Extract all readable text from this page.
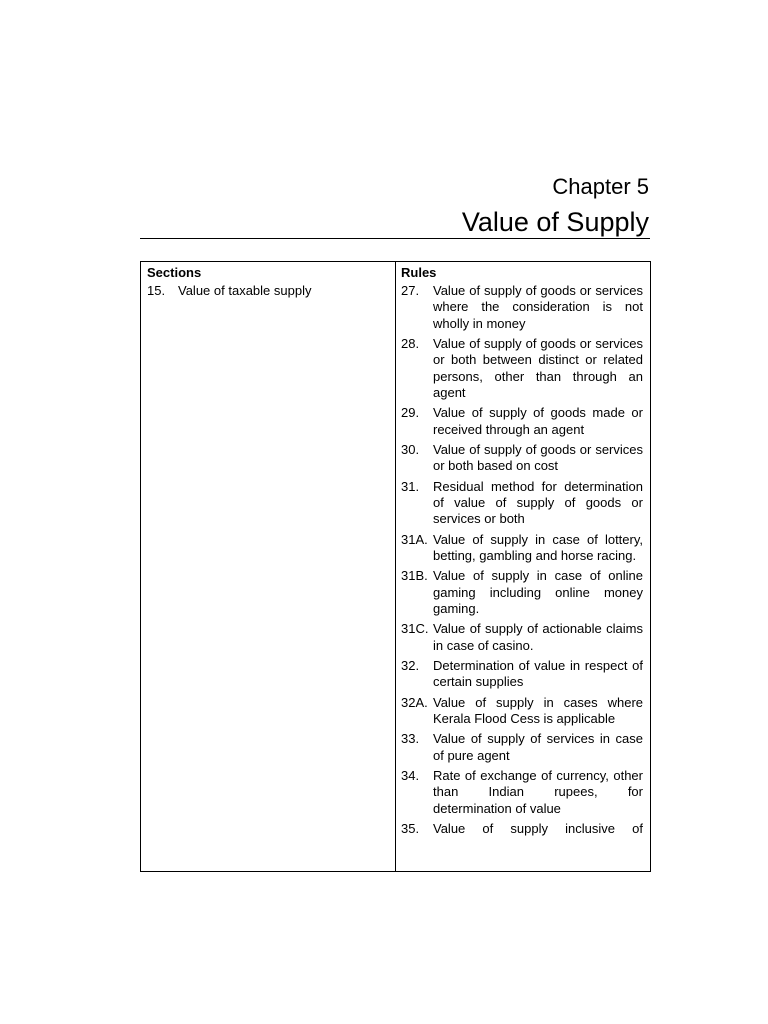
Chapter 5
Value of Supply
Sections
15. Value of taxable supply
Rules
27.	Value of supply of goods or services where the consideration is not wholly in money
28.	Value of supply of goods or services or both between distinct or related persons, other than through an agent
29.	Value of supply of goods made or received through an agent
30.	Value of supply of goods or services or both based on cost
31.	Residual method for determination of value of supply of goods or services or both
31A. Value of supply in case of lottery, betting, gambling and horse racing.
31B. Value of supply in case of online gaming including online money gaming.
31C. Value of supply of actionable claims in case of casino.
32.	Determination of value in respect of certain supplies
32A. Value of supply in cases where Kerala Flood Cess is applicable
33.	Value of supply of services in case of pure agent
34.	Rate of exchange of currency, other than Indian rupees, for determination of value
35.	Value of supply inclusive of
